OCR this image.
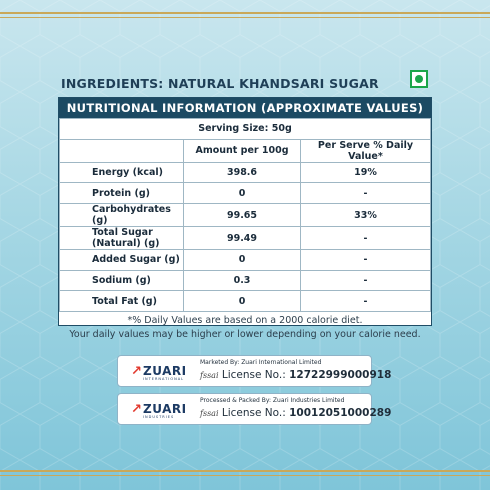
INGREDIENTS: NATURAL KHANDSARI SUGAR
NUTRITIONAL INFORMATION (APPROXIMATE VALUES)
Serving Size: 50g		
	Amount per 100g	Per Serve % Daily Value*
Energy (kcal)	398.6	19%
Protein (g)	0	-
Carbohydrates (g)	99.65	33%
Total Sugar (Natural) (g)	99.49	-
Added Sugar (g)	0	-
Sodium (g)	0.3	-
Total Fat (g)	0	-
*% Daily Values are based on a 2000 calorie diet.
Your daily values may be higher or lower depending on your calorie need.
↗ ZUARI
INTERNATIONAL
Marketed By: Zuari International Limited
fssai License No.: 12722999000918
↗ ZUARI
INDUSTRIES
Processed & Packed By: Zuari Industries Limited
fssai License No.: 10012051000289
